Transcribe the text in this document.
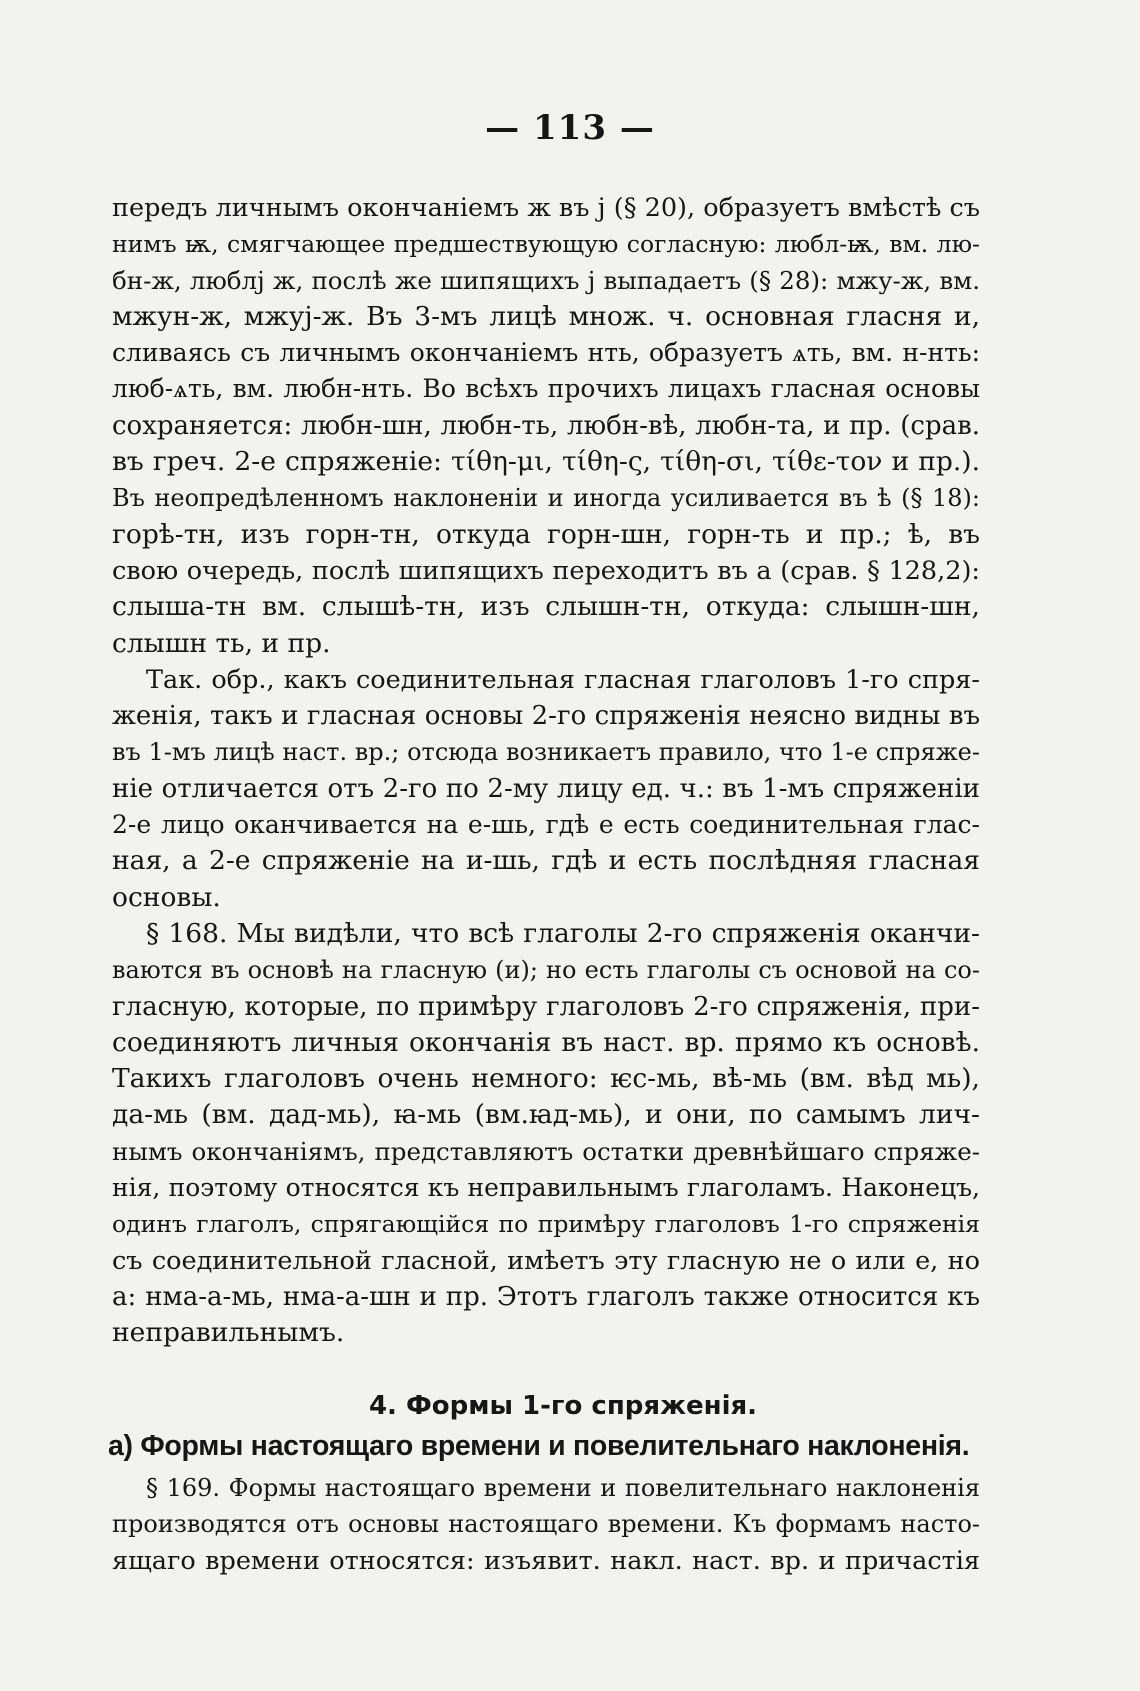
— 113 —

передъ личнымъ окончаніемъ ж въ j (§ 20), образуетъ вмѣстѣ съ
нимъ ѭ, смягчающее предшествующую согласную: любл-ѭ, вм. лю-
бн-ж, люблj ж, послѣ же шипящихъ j выпадаетъ (§ 28): мжу-ж, вм.
мжун-ж, мжуj-ж. Въ 3-мъ лицѣ множ. ч. основная гласня и,
сливаясь съ личнымъ окончаніемъ нть, образуетъ ѧть, вм. н-нть:
люб-ѧть, вм. любн-нть. Во всѣхъ прочихъ лицахъ гласная основы
сохраняется: любн-шн, любн-ть, любн-вѣ, любн-та, и пр. (срав.
въ греч. 2-е спряженіе: τίθη-μι, τίθη-ς, τίθη-σι, τίθε-τον и пр.).
Въ неопредѣленномъ наклоненіи и иногда усиливается въ ѣ (§ 18):
горѣ-тн, изъ горн-тн, откуда горн-шн, горн-ть и пр.; ѣ, въ
свою очередь, послѣ шипящихъ переходитъ въ а (срав. § 128,2):
слыша-тн вм. слышѣ-тн, изъ слышн-тн, откуда: слышн-шн,
слышн ть, и пр.

Так. обр., какъ соединительная гласная глаголовъ 1-го спря-
женія, такъ и гласная основы 2-го спряженія неясно видны въ
въ 1-мъ лицѣ наст. вр.; отсюда возникаетъ правило, что 1-е спряже-
ніе отличается отъ 2-го по 2-му лицу ед. ч.: въ 1-мъ спряженіи
2-е лицо оканчивается на е-шь, гдѣ е есть соединительная глас-
ная, а 2-е спряженіе на и-шь, гдѣ и есть послѣдняя гласная
основы.

§ 168. Мы видѣли, что всѣ глаголы 2-го спряженія оканчи-
ваются въ основѣ на гласную (и); но есть глаголы съ основой на со-
гласную, которые, по примѣру глаголовъ 2-го спряженія, при-
соединяютъ личныя окончанія въ наст. вр. прямо къ основѣ.
Такихъ глаголовъ очень немного: ѥс-мь, вѣ-мь (вм. вѣд мь),
да-мь (вм. дад-мь), ꙗ-мь (вм.ꙗд-мь), и они, по самымъ лич-
нымъ окончаніямъ, представляютъ остатки древнѣйшаго спряже-
нія, поэтому относятся къ неправильнымъ глаголамъ. Наконецъ,
одинъ глаголъ, спрягающійся по примѣру глаголовъ 1-го спряженія
съ соединительной гласной, имѣетъ эту гласную не о или е, но
а: нма-а-мь, нма-а-шн и пр. Этотъ глаголъ также относится къ
неправильнымъ.

4. Формы 1-го спряженія.

а) Формы настоящаго времени и повелительнаго наклоненія.

§ 169. Формы настоящаго времени и повелительнаго наклоненія
производятся отъ основы настоящаго времени. Къ формамъ насто-
ящаго времени относятся: изъявит. накл. наст. вр. и причастія
